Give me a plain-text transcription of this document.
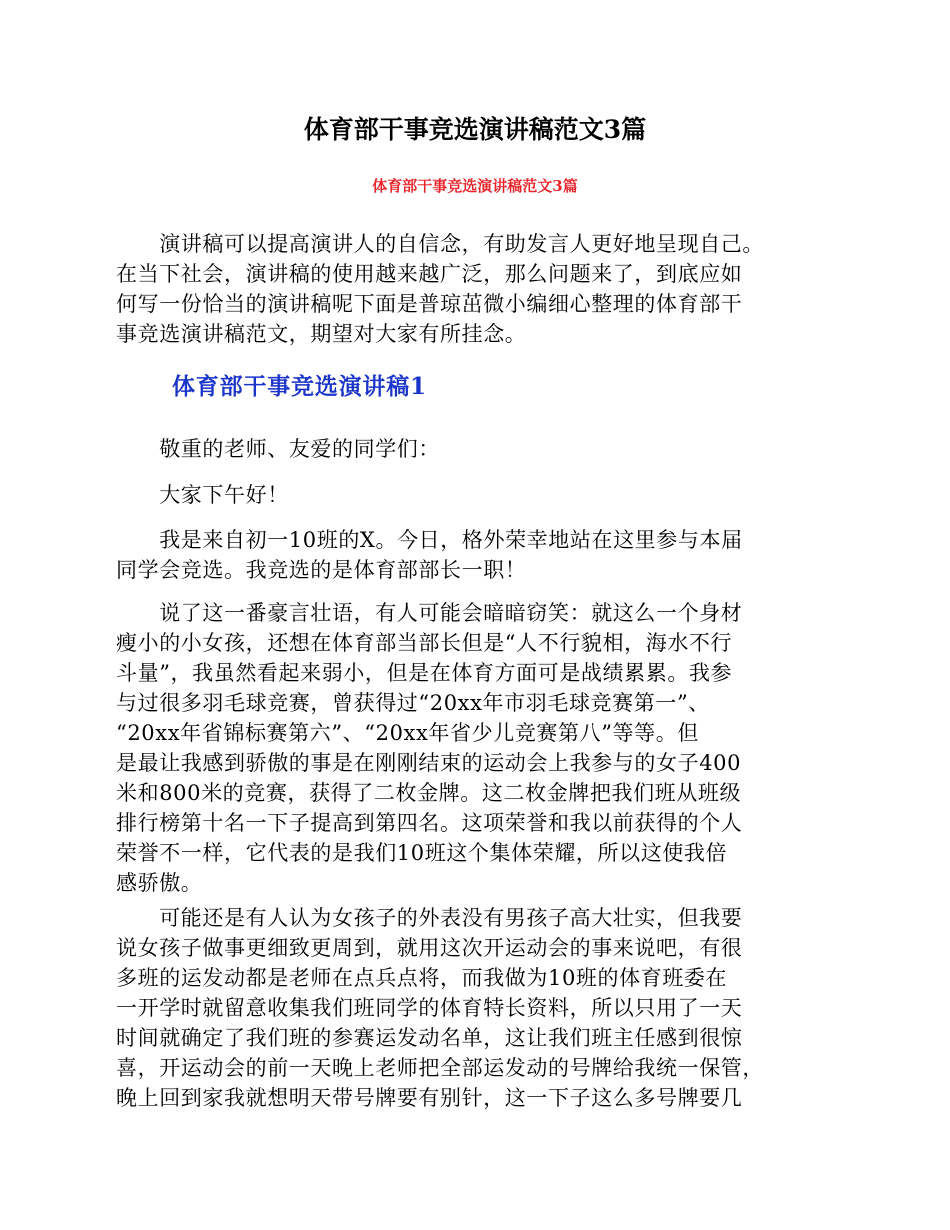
体育部干事竞选演讲稿范文3篇

体育部干事竞选演讲稿范文3篇

　　演讲稿可以提高演讲人的自信念，有助发言人更好地呈现自己。
在当下社会，演讲稿的使用越来越广泛，那么问题来了，到底应如
何写一份恰当的演讲稿呢下面是普琼茁微小编细心整理的体育部干
事竞选演讲稿范文，期望对大家有所挂念。
体育部干事竞选演讲稿1
　　敬重的老师、友爱的同学们：
　　大家下午好！
　　我是来自初一10班的X。今日，格外荣幸地站在这里参与本届
同学会竞选。我竞选的是体育部部长一职！
　　说了这一番豪言壮语，有人可能会暗暗窃笑：就这么一个身材
瘦小的小女孩，还想在体育部当部长但是“人不行貌相，海水不行
斗量”，我虽然看起来弱小，但是在体育方面可是战绩累累。我参
与过很多羽毛球竞赛，曾获得过“20xx年市羽毛球竞赛第一”、
“20xx年省锦标赛第六”、“20xx年省少儿竞赛第八”等等。但
是最让我感到骄傲的事是在刚刚结束的运动会上我参与的女子400
米和800米的竞赛，获得了二枚金牌。这二枚金牌把我们班从班级
排行榜第十名一下子提高到第四名。这项荣誉和我以前获得的个人
荣誉不一样，它代表的是我们10班这个集体荣耀，所以这使我倍
感骄傲。
　　可能还是有人认为女孩子的外表没有男孩子高大壮实，但我要
说女孩子做事更细致更周到，就用这次开运动会的事来说吧，有很
多班的运发动都是老师在点兵点将，而我做为10班的体育班委在
一开学时就留意收集我们班同学的体育特长资料，所以只用了一天
时间就确定了我们班的参赛运发动名单，这让我们班主任感到很惊
喜，开运动会的前一天晚上老师把全部运发动的号牌给我统一保管，
晚上回到家我就想明天带号牌要有别针，这一下子这么多号牌要几
